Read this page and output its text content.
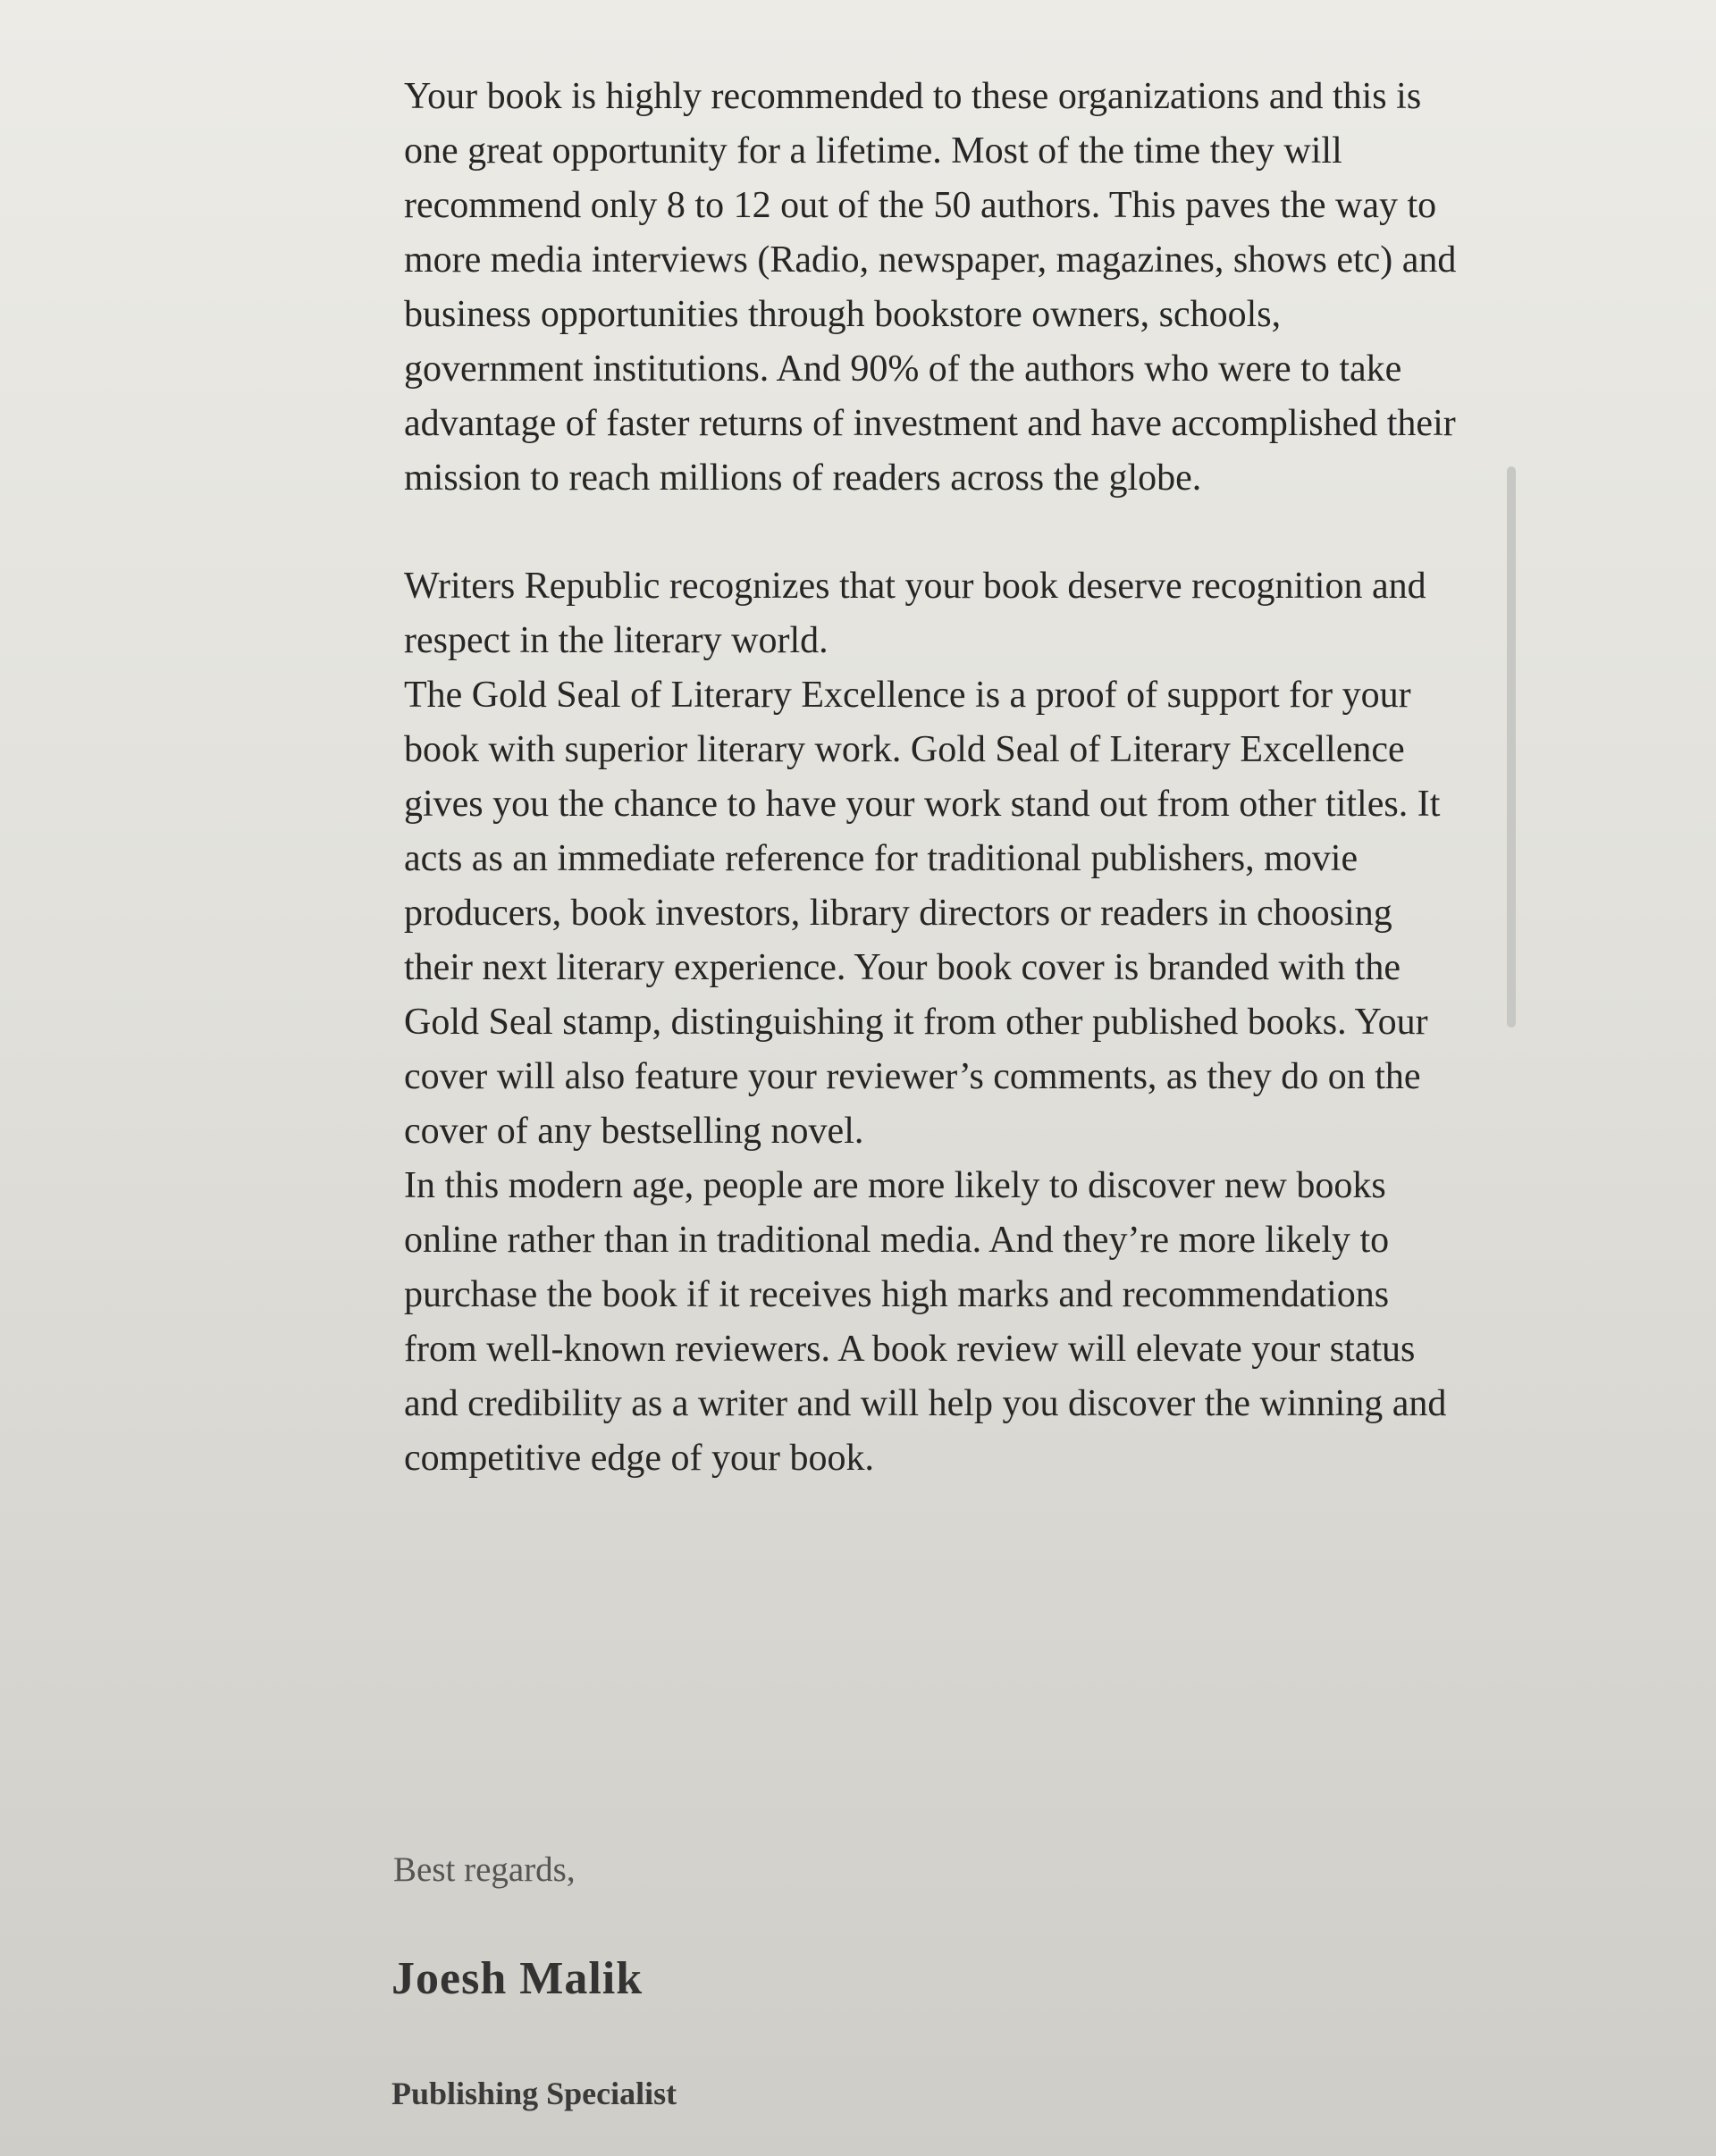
Your book is highly recommended to these organizations and this is one great opportunity for a lifetime. Most of the time they will recommend only 8 to 12 out of the 50 authors. This paves the way to more media interviews (Radio, newspaper, magazines, shows etc) and business opportunities through bookstore owners, schools, government institutions. And 90% of the authors who were to take advantage of faster returns of investment and have accomplished their mission to reach millions of readers across the globe.

Writers Republic recognizes that your book deserve recognition and respect in the literary world.

The Gold Seal of Literary Excellence is a proof of support for your book with superior literary work. Gold Seal of Literary Excellence gives you the chance to have your work stand out from other titles. It acts as an immediate reference for traditional publishers, movie producers, book investors, library directors or readers in choosing their next literary experience. Your book cover is branded with the Gold Seal stamp, distinguishing it from other published books. Your cover will also feature your reviewer’s comments, as they do on the cover of any bestselling novel.

In this modern age, people are more likely to discover new books online rather than in traditional media. And they’re more likely to purchase the book if it receives high marks and recommendations from well-known reviewers. A book review will elevate your status and credibility as a writer and will help you discover the winning and competitive edge of your book.

Best regards,

Joesh Malik

Publishing Specialist
